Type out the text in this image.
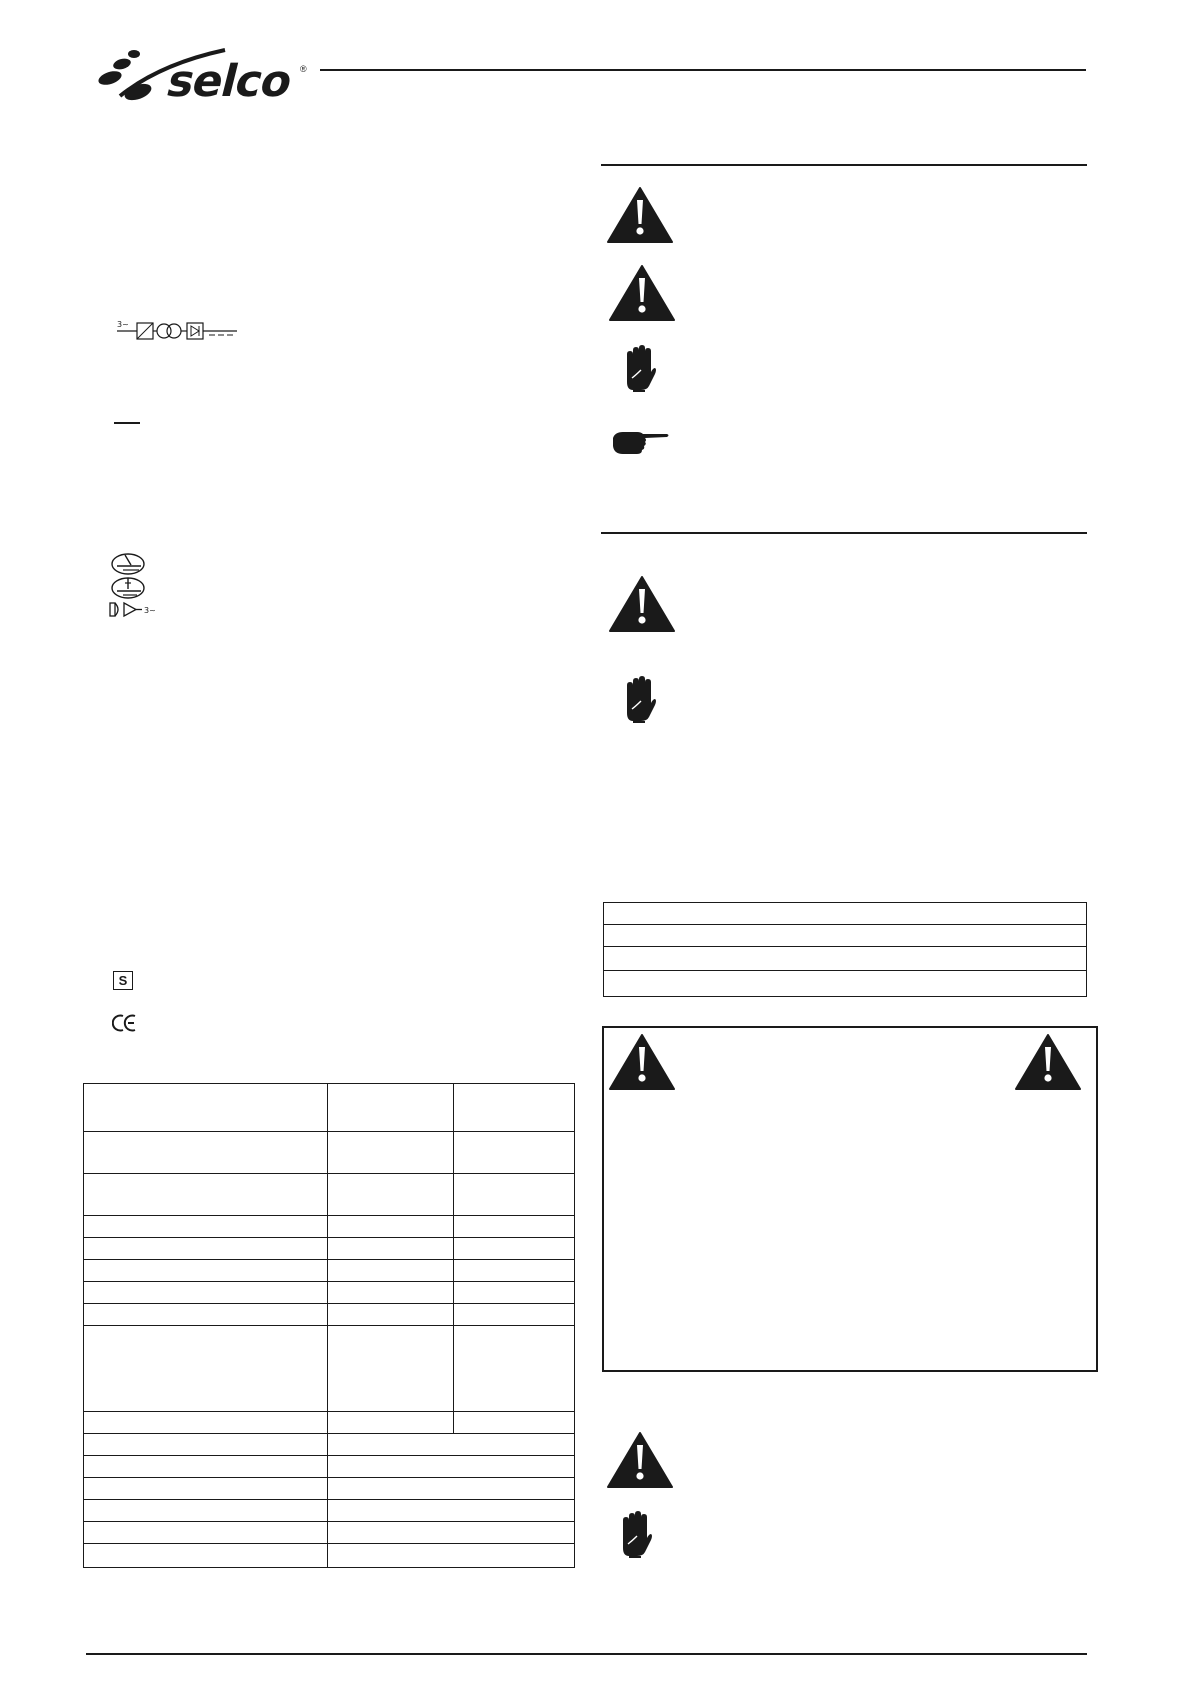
selco ®
3~
3~
S
